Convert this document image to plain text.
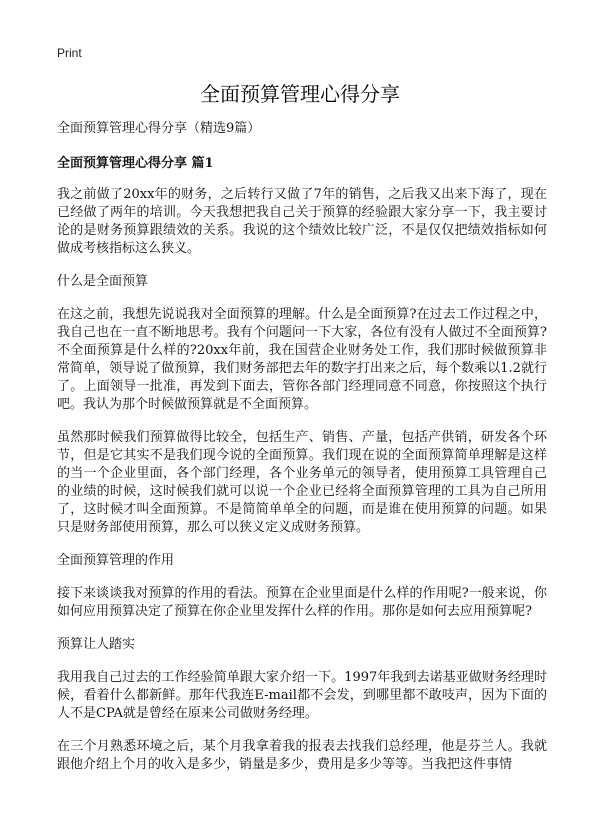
Print
全面预算管理心得分享

全面预算管理心得分享（精选9篇）

全面预算管理心得分享 篇1

我之前做了20xx年的财务，之后转行又做了7年的销售，之后我又出来下海了，现在已经做了两年的培训。今天我想把我自己关于预算的经验跟大家分享一下，我主要讨论的是财务预算跟绩效的关系。我说的这个绩效比较广泛，不是仅仅把绩效指标如何做成考核指标这么狭义。

什么是全面预算

在这之前，我想先说说我对全面预算的理解。什么是全面预算?在过去工作过程之中，我自己也在一直不断地思考。我有个问题问一下大家，各位有没有人做过不全面预算?不全面预算是什么样的?20xx年前，我在国营企业财务处工作，我们那时候做预算非常简单，领导说了做预算，我们财务部把去年的数字打出来之后，每个数乘以1.2就行了。上面领导一批准，再发到下面去，管你各部门经理同意不同意，你按照这个执行吧。我认为那个时候做预算就是不全面预算。

虽然那时候我们预算做得比较全，包括生产、销售、产量，包括产供销，研发各个环节，但是它其实不是我们现今说的全面预算。我们现在说的全面预算简单理解是这样的当一个企业里面，各个部门经理，各个业务单元的领导者，使用预算工具管理自己的业绩的时候，这时候我们就可以说一个企业已经将全面预算管理的工具为自己所用了，这时候才叫全面预算。不是简简单单全的问题，而是谁在使用预算的问题。如果只是财务部使用预算，那么可以狭义定义成财务预算。

全面预算管理的作用

接下来谈谈我对预算的作用的看法。预算在企业里面是什么样的作用呢?一般来说，你如何应用预算决定了预算在你企业里发挥什么样的作用。那你是如何去应用预算呢?

预算让人踏实

我用我自己过去的工作经验简单跟大家介绍一下。1997年我到去诺基亚做财务经理时候，看着什么都新鲜。那年代我连E-mail都不会发，到哪里都不敢吱声，因为下面的人不是CPA就是曾经在原来公司做财务经理。

在三个月熟悉环境之后，某个月我拿着我的报表去找我们总经理，他是芬兰人。我就跟他介绍上个月的收入是多少，销量是多少，费用是多少等等。当我把这件事情
